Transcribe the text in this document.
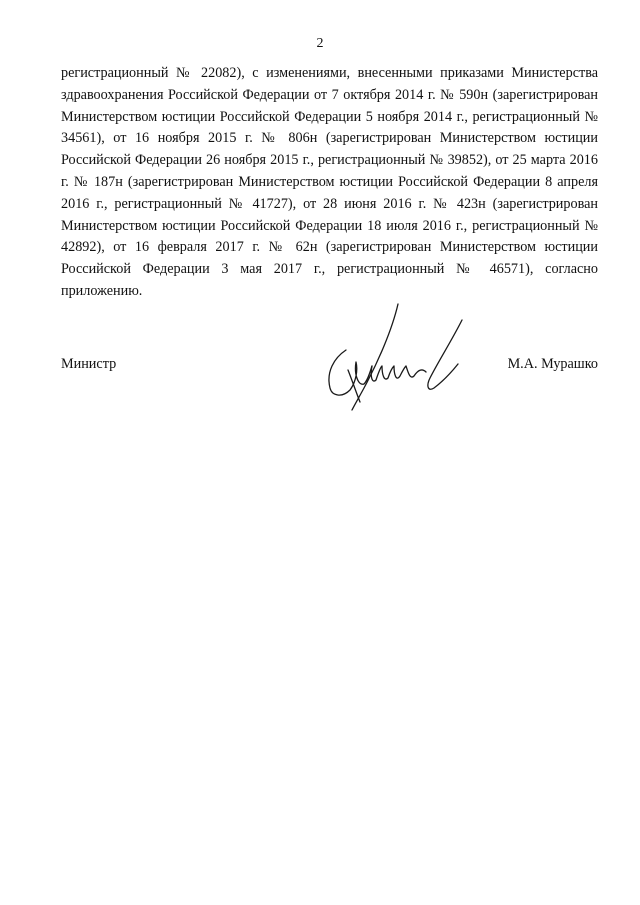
2

регистрационный № 22082), с изменениями, внесенными приказами Министерства здравоохранения Российской Федерации от 7 октября 2014 г. № 590н (зарегистрирован Министерством юстиции Российской Федерации 5 ноября 2014 г., регистрационный № 34561), от 16 ноября 2015 г. № 806н (зарегистрирован Министерством юстиции Российской Федерации 26 ноября 2015 г., регистрационный № 39852), от 25 марта 2016 г. № 187н (зарегистрирован Министерством юстиции Российской Федерации 8 апреля 2016 г., регистрационный № 41727), от 28 июня 2016 г. № 423н (зарегистрирован Министерством юстиции Российской Федерации 18 июля 2016 г., регистрационный № 42892), от 16 февраля 2017 г. № 62н (зарегистрирован Министерством юстиции Российской Федерации 3 мая 2017 г., регистрационный № 46571), согласно приложению.

Министр	М.А. Мурашко
